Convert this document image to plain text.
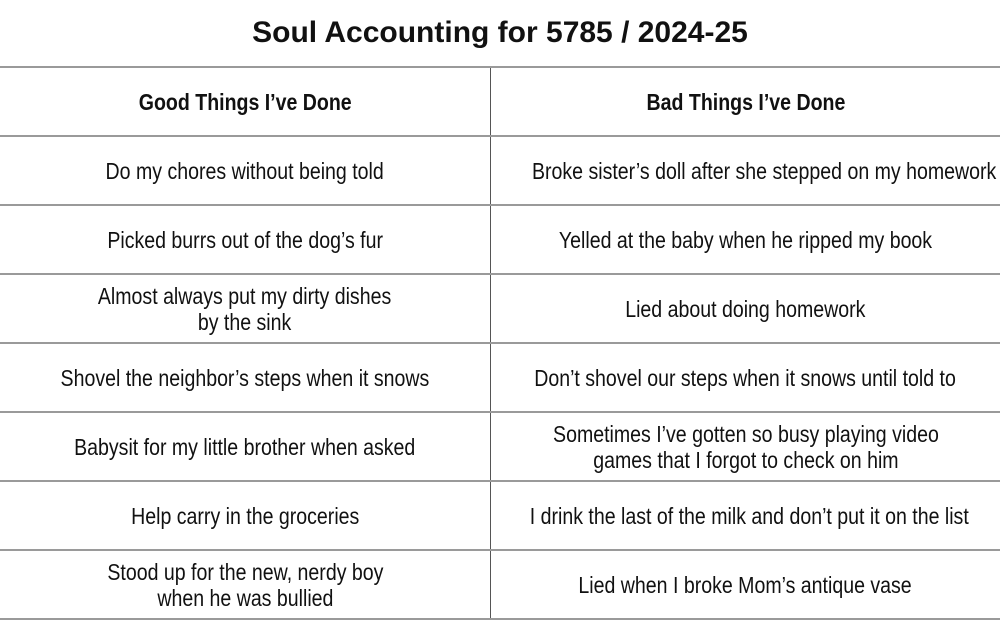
Soul Accounting for 5785 / 2024-25
Good Things I’ve Done	Bad Things I’ve Done
Do my chores without being told	Broke sister’s doll after she stepped on my homework
Picked burrs out of the dog’s fur	Yelled at the baby when he ripped my book
Almost always put my dirty dishes
by the sink	Lied about doing homework
Shovel the neighbor’s steps when it snows	Don’t shovel our steps when it snows until told to
Babysit for my little brother when asked	Sometimes I’ve gotten so busy playing video
games that I forgot to check on him
Help carry in the groceries	I drink the last of the milk and don’t put it on the list
Stood up for the new, nerdy boy
when he was bullied	Lied when I broke Mom’s antique vase
